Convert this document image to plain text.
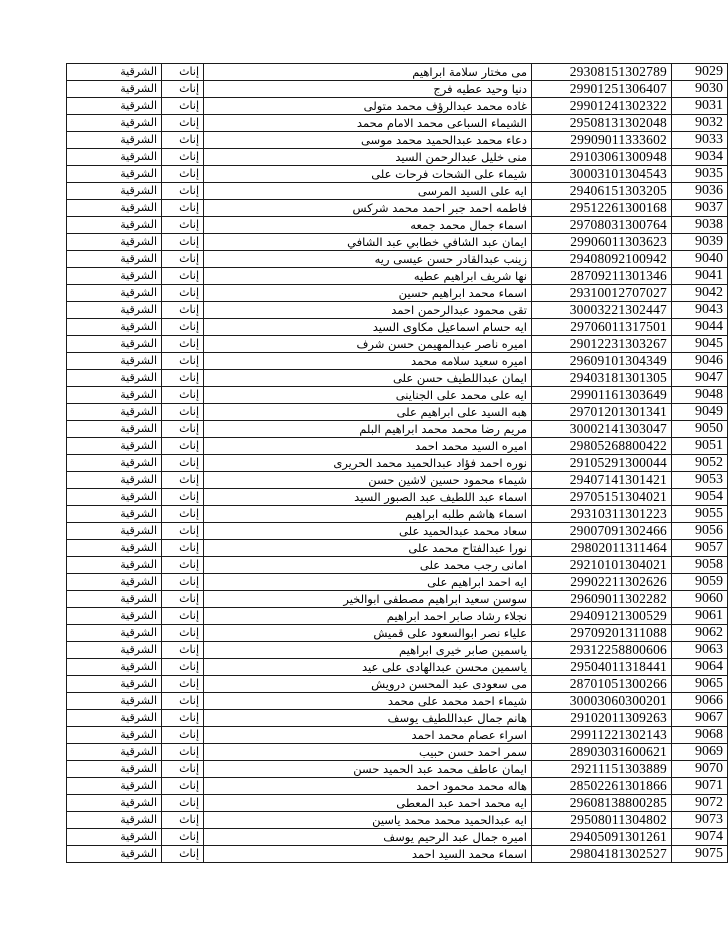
الشرقية	إناث	مى مختار سلامة ابراهيم	29308151302789	9029
الشرقية	إناث	دنيا وحيد عطيه فرج	29901251306407	9030
الشرقية	إناث	غاده محمد عبدالرؤف محمد متولى	29901241302322	9031
الشرقية	إناث	الشيماء السباعى محمد الامام محمد	29508131302048	9032
الشرقية	إناث	دعاء محمد عبدالحميد محمد موسى	29909011333602	9033
الشرقية	إناث	منى خليل عبدالرحمن السيد	29103061300948	9034
الشرقية	إناث	شيماء على الشحات فرحات على	30003101304543	9035
الشرقية	إناث	ايه على السيد المرسى	29406151303205	9036
الشرقية	إناث	فاطمه احمد جبر احمد محمد شركس	29512261300168	9037
الشرقية	إناث	اسماء جمال محمد جمعه	29708031300764	9038
الشرقية	إناث	ايمان عبد الشافي خطابي عبد الشافي	29906011303623	9039
الشرقية	إناث	زينب عبدالقادر حسن عيسى ريه	29408092100942	9040
الشرقية	إناث	نها شريف ابراهيم عطيه	28709211301346	9041
الشرقية	إناث	اسماء محمد ابراهيم حسين	29310012707027	9042
الشرقية	إناث	تقى محمود عبدالرحمن احمد	30003221302447	9043
الشرقية	إناث	ايه حسام اسماعيل مكاوى السيد	29706011317501	9044
الشرقية	إناث	اميره ناصر عبدالمهيمن حسن شرف	29012231303267	9045
الشرقية	إناث	اميره سعيد سلامه محمد	29609101304349	9046
الشرقية	إناث	ايمان عبداللطيف حسن على	29403181301305	9047
الشرقية	إناث	ايه على محمد على الجناينى	29901161303649	9048
الشرقية	إناث	هبه السيد على ابراهيم على	29701201301341	9049
الشرقية	إناث	مريم رضا محمد محمد ابراهيم البلم	30002141303047	9050
الشرقية	إناث	اميره السيد محمد احمد	29805268800422	9051
الشرقية	إناث	نوره احمد فؤاد عبدالحميد محمد الحريرى	29105291300044	9052
الشرقية	إناث	شيماء محمود حسين لاشين حسن	29407141301421	9053
الشرقية	إناث	اسماء عبد اللطيف عبد الصبور السيد	29705151304021	9054
الشرقية	إناث	اسماء هاشم طلبه ابراهيم	29310311301223	9055
الشرقية	إناث	سعاد محمد عبدالحميد على	29007091302466	9056
الشرقية	إناث	نورا عبدالفتاح محمد على	29802011311464	9057
الشرقية	إناث	امانى رجب محمد على	29210101304021	9058
الشرقية	إناث	ايه احمد ابراهيم على	29902211302626	9059
الشرقية	إناث	سوسن سعيد ابراهيم مصطفى ابوالخير	29609011302282	9060
الشرقية	إناث	نجلاء رشاد صابر احمد ابراهيم	29409121300529	9061
الشرقية	إناث	علياء نصر ابوالسعود على قميش	29709201311088	9062
الشرقية	إناث	ياسمين صابر خيرى ابراهيم	29312258800606	9063
الشرقية	إناث	ياسمين محسن عبدالهادى على عيد	29504011318441	9064
الشرقية	إناث	مى سعودى عبد المحسن درويش	28701051300266	9065
الشرقية	إناث	شيماء احمد محمد على محمد	30003060300201	9066
الشرقية	إناث	هانم جمال عبداللطيف يوسف	29102011309263	9067
الشرقية	إناث	اسراء عصام محمد احمد	29911221302143	9068
الشرقية	إناث	سمر احمد حسن حبيب	28903031600621	9069
الشرقية	إناث	ايمان عاطف محمد عبد الحميد حسن	29211151303889	9070
الشرقية	إناث	هاله محمد محمود احمد	28502261301866	9071
الشرقية	إناث	ايه محمد احمد عبد المعطى	29608138800285	9072
الشرقية	إناث	ايه عبدالحميد محمد محمد ياسين	29508011304802	9073
الشرقية	إناث	اميره جمال عبد الرحيم يوسف	29405091301261	9074
الشرقية	إناث	اسماء محمد السيد احمد	29804181302527	9075
